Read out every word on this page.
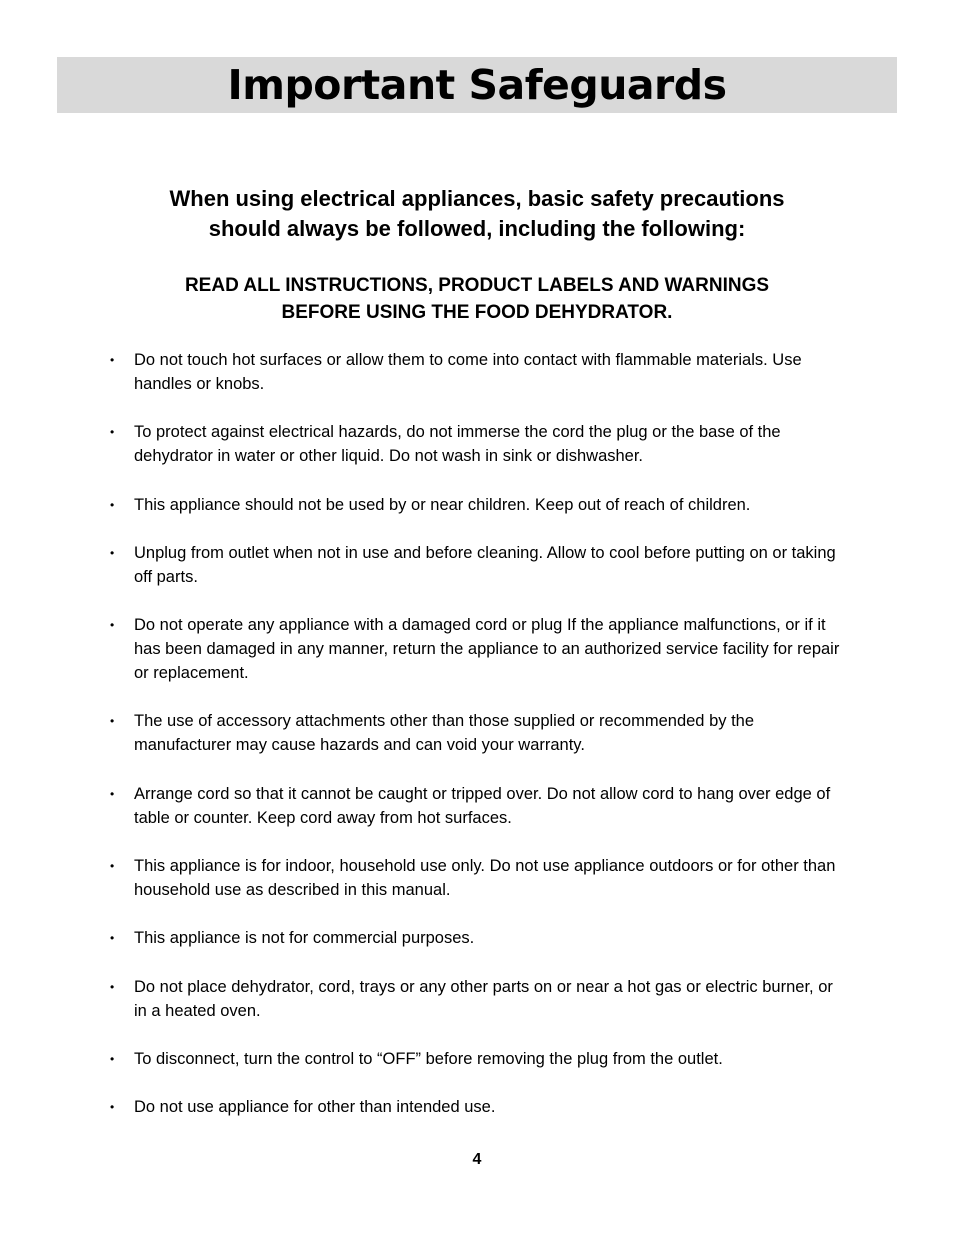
Important Safeguards

When using electrical appliances, basic safety precautions
should always be followed, including the following:

READ ALL INSTRUCTIONS, PRODUCT LABELS AND WARNINGS
BEFORE USING THE FOOD DEHYDRATOR.

• Do not touch hot surfaces or allow them to come into contact with flammable materials. Use handles or knobs.
• To protect against electrical hazards, do not immerse the cord the plug or the base of the dehydrator in water or other liquid. Do not wash in sink or dishwasher.
• This appliance should not be used by or near children. Keep out of reach of children.
• Unplug from outlet when not in use and before cleaning. Allow to cool before putting on or taking off parts.
• Do not operate any appliance with a damaged cord or plug If the appliance malfunctions, or if it has been damaged in any manner, return the appliance to an authorized service facility for repair or replacement.
• The use of accessory attachments other than those supplied or recommended by the manufacturer may cause hazards and can void your warranty.
• Arrange cord so that it cannot be caught or tripped over. Do not allow cord to hang over edge of table or counter. Keep cord away from hot surfaces.
• This appliance is for indoor, household use only. Do not use appliance outdoors or for other than household use as described in this manual.
• This appliance is not for commercial purposes.
• Do not place dehydrator, cord, trays or any other parts on or near a hot gas or electric burner, or in a heated oven.
• To disconnect, turn the control to “OFF” before removing the plug from the outlet.
• Do not use appliance for other than intended use.
4
